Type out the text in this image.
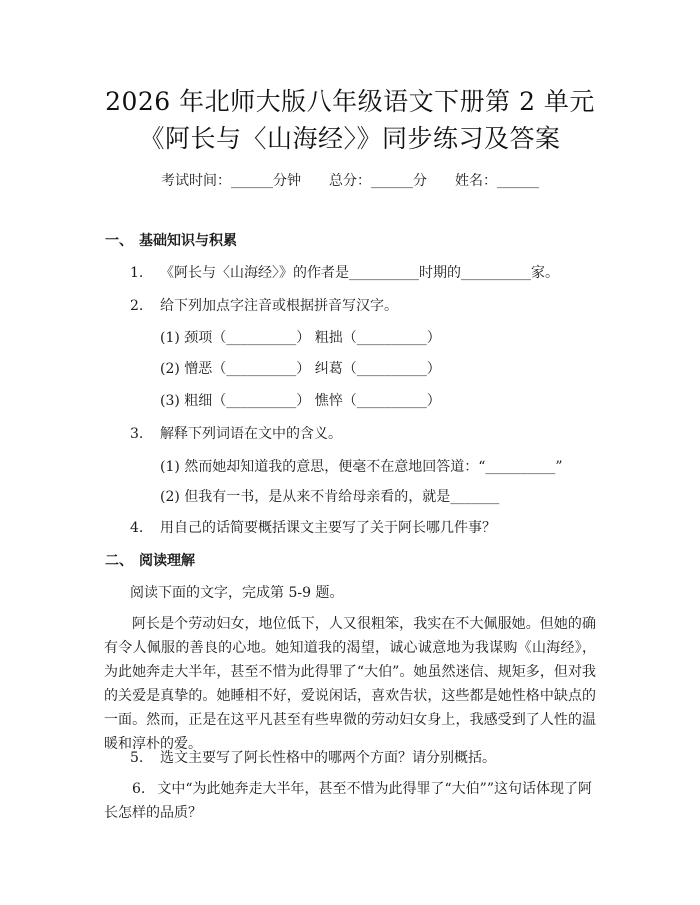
2026 年北师大版八年级语文下册第 2 单元
《阿长与〈山海经〉》同步练习及答案
考试时间：______分钟 总分：______分 姓名：______
一、 基础知识与积累
1. 《阿长与〈山海经〉》的作者是__________时期的__________家。
2. 给下列加点字注音或根据拼音写汉字。
(1) 颈项（__________） 粗拙（__________）
(2) 憎恶（__________） 纠葛（__________）
(3) 粗细（__________） 憔悴（__________）
3. 解释下列词语在文中的含义。
(1) 然而她却知道我的意思，便毫不在意地回答道：“__________”
(2) 但我有一书，是从来不肯给母亲看的，就是_______
4. 用自己的话简要概括课文主要写了关于阿长哪几件事？
二、 阅读理解
阅读下面的文字，完成第 5-9 题。
阿长是个劳动妇女，地位低下，人又很粗笨，我实在不大佩服她。但她的确有令人佩服的善良的心地。她知道我的渴望，诚心诚意地为我谋购《山海经》，为此她奔走大半年，甚至不惜为此得罪了“大伯”。她虽然迷信、规矩多，但对我的关爱是真挚的。她睡相不好，爱说闲话，喜欢告状，这些都是她性格中缺点的一面。然而，正是在这平凡甚至有些卑微的劳动妇女身上，我感受到了人性的温暖和淳朴的爱。
5. 选文主要写了阿长性格中的哪两个方面？请分别概括。
6. 文中“为此她奔走大半年，甚至不惜为此得罪了“大伯””这句话体现了阿长怎样的品质？
